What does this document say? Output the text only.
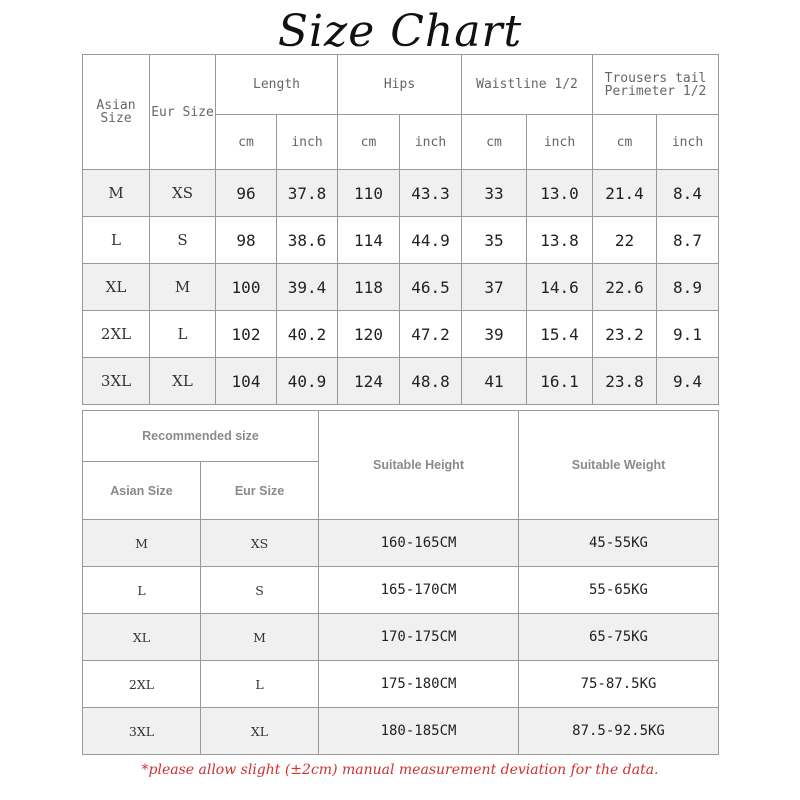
Size Chart
Asian Size	Eur Size	Length		Hips		Waistline 1/2		Trousers tail Perimeter 1/2	
		cm	inch	cm	inch	cm	inch	cm	inch
M	XS	96	37.8	110	43.3	33	13.0	21.4	8.4
L	S	98	38.6	114	44.9	35	13.8	22	8.7
XL	M	100	39.4	118	46.5	37	14.6	22.6	8.9
2XL	L	102	40.2	120	47.2	39	15.4	23.2	9.1
3XL	XL	104	40.9	124	48.8	41	16.1	23.8	9.4
Recommended size		Suitable Height	Suitable Weight
Asian Size	Eur Size		
M	XS	160-165CM	45-55KG
L	S	165-170CM	55-65KG
XL	M	170-175CM	65-75KG
2XL	L	175-180CM	75-87.5KG
3XL	XL	180-185CM	87.5-92.5KG
*please allow slight (±2cm) manual measurement deviation for the data.
